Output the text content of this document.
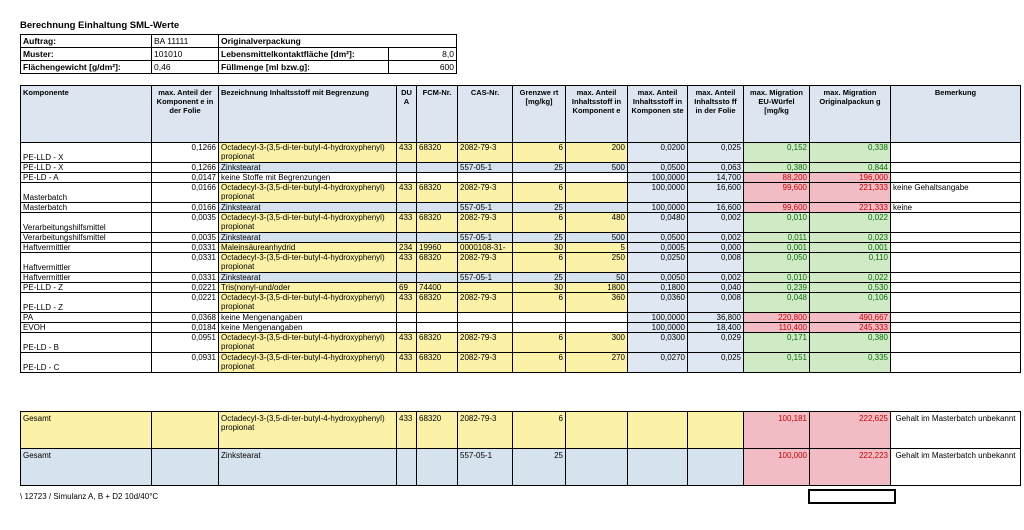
Berechnung Einhaltung SML-Werte
Auftrag:	BA 11111	Originalverpackung	
Muster:	101010	Lebensmittelkontaktfläche [dm²]:	8,0
Flächengewicht [g/dm²]:	0,46	Füllmenge [ml bzw.g]:	600
Komponente	max. Anteil der Komponent e in der Folie	Bezeichnung Inhaltsstoff mit Begrenzung	DU A	FCM-Nr.	CAS-Nr.	Grenzwe rt [mg/kg]	max. Anteil Inhaltsstoff in Komponent e	max. Anteil Inhaltsstoff in Komponen ste	max. Anteil Inhaltssto ff in der Folie	max. Migration EU-Würfel [mg/kg	max. Migration Originalpackun g	Bemerkung
PE-LLD - X	0,1266	Octadecyl-3-(3,5-di-ter-butyl-4-hydroxyphenyl) propionat	433	68320	2082-79-3	6	200	0,0200	0,025	0,152	0,338	
PE-LLD - X	0,1266	Zinkstearat			557-05-1	25	500	0,0500	0,063	0,380	0,844	
PE-LD - A	0,0147	keine Stoffe mit Begrenzungen						100,0000	14,700	88,200	196,000	
Masterbatch	0,0166	Octadecyl-3-(3,5-di-ter-butyl-4-hydroxyphenyl) propionat	433	68320	2082-79-3	6		100,0000	16,600	99,600	221,333	keine Gehaltsangabe
Masterbatch	0,0166	Zinkstearat			557-05-1	25		100,0000	16,600	99,600	221,333	keine
Verarbeitungshilfsmittel	0,0035	Octadecyl-3-(3,5-di-ter-butyl-4-hydroxyphenyl) propionat	433	68320	2082-79-3	6	480	0,0480	0,002	0,010	0,022	
Verarbeitungshilfsmittel	0,0035	Zinkstearat			557-05-1	25	500	0,0500	0,002	0,011	0,023	
Haftvermittler	0,0331	Maleinsäureanhydrid	234	19960	0000108-31-	30	5	0,0005	0,000	0,001	0,001	
Haftvermittler	0,0331	Octadecyl-3-(3,5-di-ter-butyl-4-hydroxyphenyl) propionat	433	68320	2082-79-3	6	250	0,0250	0,008	0,050	0,110	
Haftvermittler	0,0331	Zinkstearat			557-05-1	25	50	0,0050	0,002	0,010	0,022	
PE-LLD - Z	0,0221	Tris(nonyl-und/oder	69	74400		30	1800	0,1800	0,040	0,239	0,530	
PE-LLD - Z	0,0221	Octadecyl-3-(3,5-di-ter-butyl-4-hydroxyphenyl) propionat	433	68320	2082-79-3	6	360	0,0360	0,008	0,048	0,106	
PA	0,0368	keine Mengenangaben						100,0000	36,800	220,800	490,667	
EVOH	0,0184	keine Mengenangaben						100,0000	18,400	110,400	245,333	
PE-LD - B	0,0951	Octadecyl-3-(3,5-di-ter-butyl-4-hydroxyphenyl) propionat	433	68320	2082-79-3	6	300	0,0300	0,029	0,171	0,380	
PE-LD - C	0,0931	Octadecyl-3-(3,5-di-ter-butyl-4-hydroxyphenyl) propionat	433	68320	2082-79-3	6	270	0,0270	0,025	0,151	0,335	
Gesamt		Octadecyl-3-(3,5-di-ter-butyl-4-hydroxyphenyl) propionat	433	68320	2082-79-3	6				100,181	222,625	Gehalt im Masterbatch unbekannt
Gesamt		Zinkstearat			557-05-1	25				100,000	222,223	Gehalt im Masterbatch unbekannt
\ 12723 / Simulanz A, B + D2 10d/40°C
